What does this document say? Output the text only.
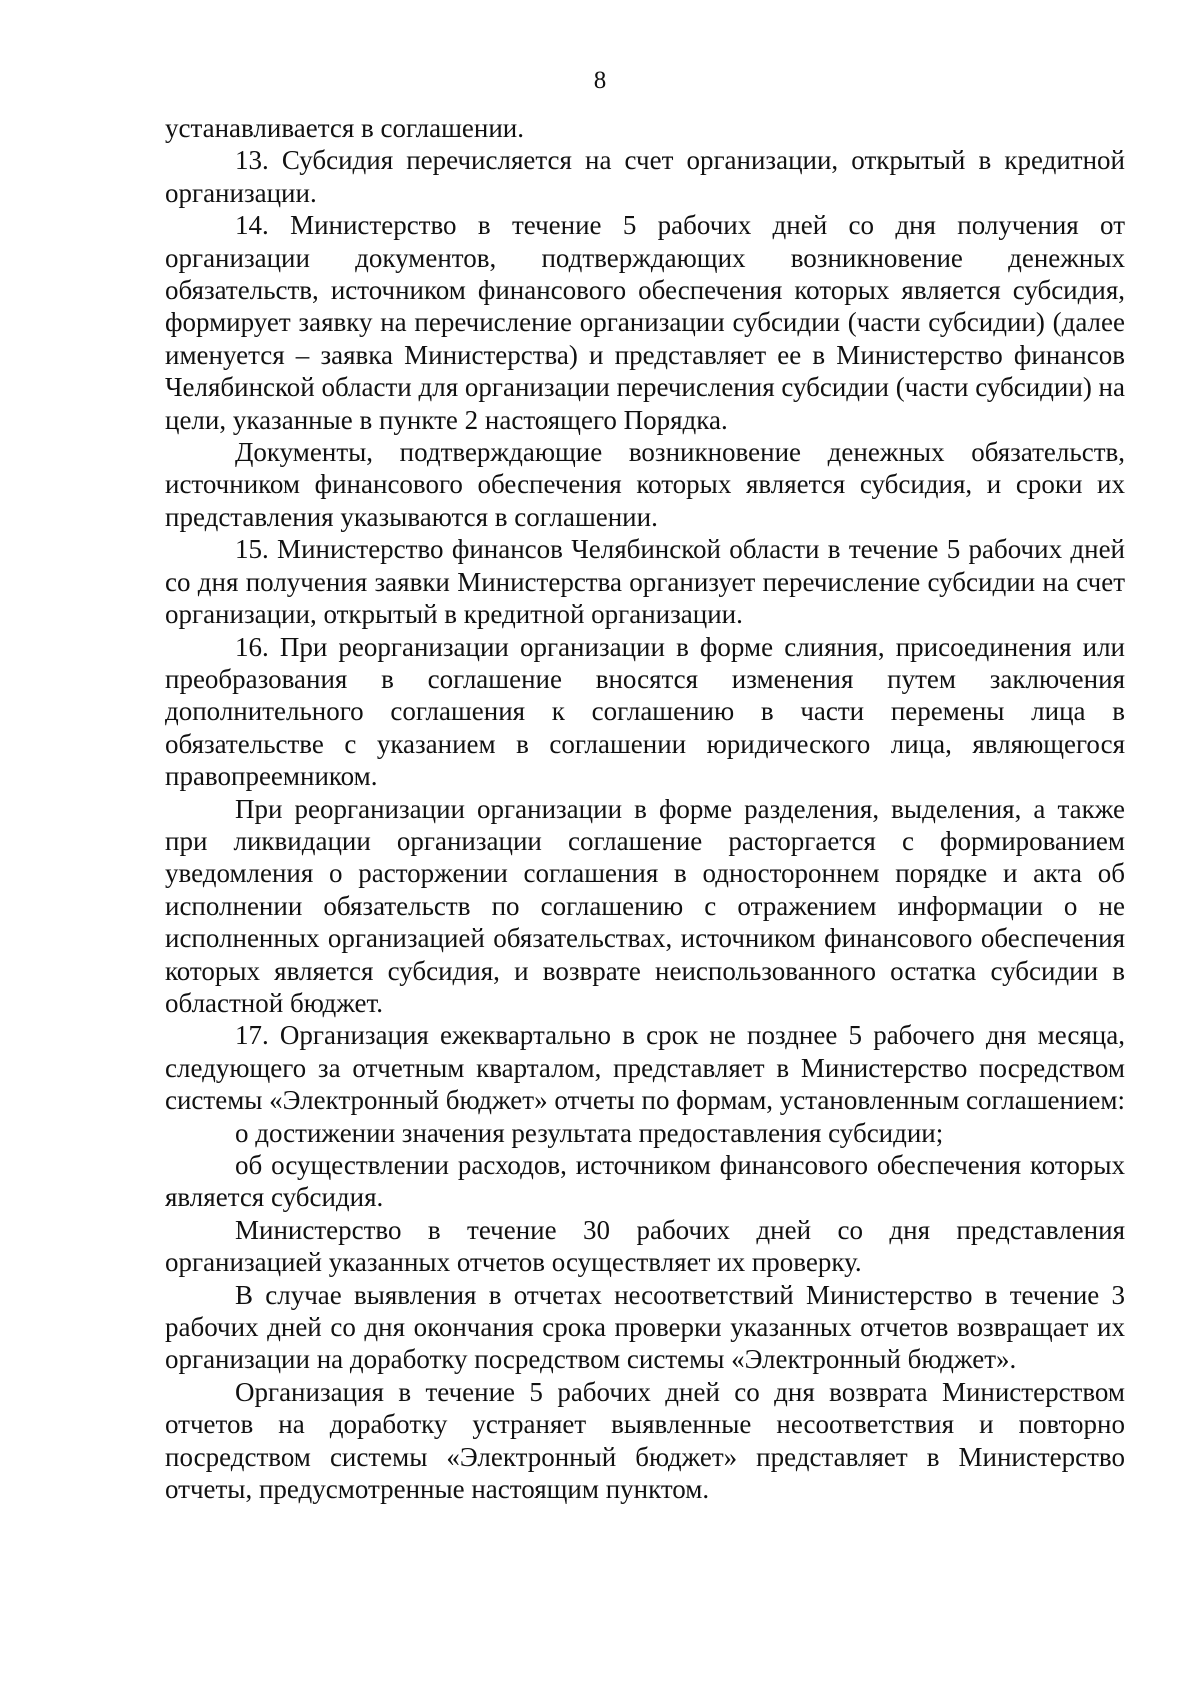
8

устанавливается в соглашении.

13. Субсидия перечисляется на счет организации, открытый в кредитной организации.

14. Министерство в течение 5 рабочих дней со дня получения от организации документов, подтверждающих возникновение денежных обязательств, источником финансового обеспечения которых является субсидия, формирует заявку на перечисление организации субсидии (части субсидии) (далее именуется – заявка Министерства) и представляет ее в Министерство финансов Челябинской области для организации перечисления субсидии (части субсидии) на цели, указанные в пункте 2 настоящего Порядка.

Документы, подтверждающие возникновение денежных обязательств, источником финансового обеспечения которых является субсидия, и сроки их представления указываются в соглашении.

15. Министерство финансов Челябинской области в течение 5 рабочих дней со дня получения заявки Министерства организует перечисление субсидии на счет организации, открытый в кредитной организации.

16. При реорганизации организации в форме слияния, присоединения или преобразования в соглашение вносятся изменения путем заключения дополнительного соглашения к соглашению в части перемены лица в обязательстве с указанием в соглашении юридического лица, являющегося правопреемником.

При реорганизации организации в форме разделения, выделения, а также при ликвидации организации соглашение расторгается с формированием уведомления о расторжении соглашения в одностороннем порядке и акта об исполнении обязательств по соглашению с отражением информации о не исполненных организацией обязательствах, источником финансового обеспечения которых является субсидия, и возврате неиспользованного остатка субсидии в областной бюджет.

17. Организация ежеквартально в срок не позднее 5 рабочего дня месяца, следующего за отчетным кварталом, представляет в Министерство посредством системы «Электронный бюджет» отчеты по формам, установленным соглашением:

о достижении значения результата предоставления субсидии;

об осуществлении расходов, источником финансового обеспечения которых является субсидия.

Министерство в течение 30 рабочих дней со дня представления организацией указанных отчетов осуществляет их проверку.

В случае выявления в отчетах несоответствий Министерство в течение 3 рабочих дней со дня окончания срока проверки указанных отчетов возвращает их организации на доработку посредством системы «Электронный бюджет».

Организация в течение 5 рабочих дней со дня возврата Министерством отчетов на доработку устраняет выявленные несоответствия и повторно посредством системы «Электронный бюджет» представляет в Министерство отчеты, предусмотренные настоящим пунктом.
